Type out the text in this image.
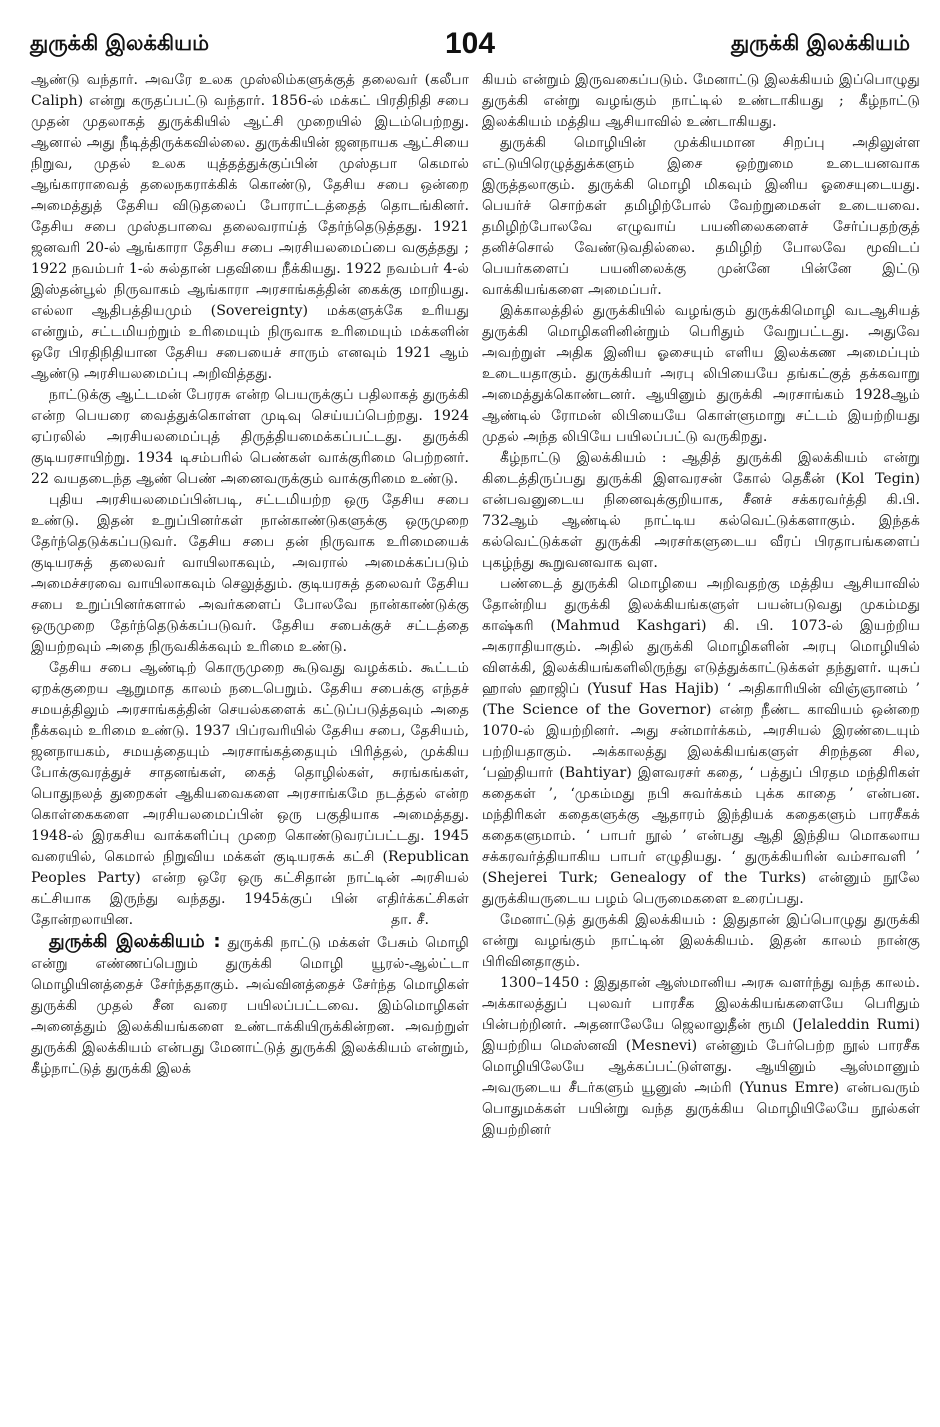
துருக்கி இலக்கியம்	104	துருக்கி இலக்கியம்

ஆண்டு வந்தார். அவரே உலக முஸ்லிம்களுக்குத் தலைவர் (கலீபா Caliph) என்று கருதப்பட்டு வந்தார். 1856-ல் மக்கட் பிரதிநிதி சபை முதன் முதலாகத் துருக்கியில் ஆட்சி முறையில் இடம்பெற்றது. ஆனால் அது நீடித்திருக்கவில்லை. துருக்கியின் ஜனநாயக ஆட்சியை நிறுவ, முதல் உலக யுத்தத்துக்குப்பின் முஸ்தபா கெமால் ஆங்காராவைத் தலைநகராக்கிக் கொண்டு, தேசிய சபை ஒன்றை அமைத்துத் தேசிய விடுதலைப் போராட்டத்தைத் தொடங்கினர். தேசிய சபை முஸ்தபாவை தலைவராய்த் தேர்ந்தெடுத்தது. 1921 ஜனவரி 20-ல் ஆங்காரா தேசிய சபை அரசியலமைப்பை வகுத்தது ; 1922 நவம்பர் 1-ல் சுல்தான் பதவியை நீக்கியது. 1922 நவம்பர் 4-ல் இஸ்தன்பூல் நிருவாகம் ஆங்காரா அரசாங்கத்தின் கைக்கு மாறியது. எல்லா ஆதிபத்தியமும் (Sovereignty) மக்களுக்கே உரியது என்றும், சட்டமியற்றும் உரிமையும் நிருவாக உரிமையும் மக்களின் ஒரே பிரதிநிதியான தேசிய சபையைச் சாரும் எனவும் 1921 ஆம் ஆண்டு அரசியலமைப்பு அறிவித்தது.

நாட்டுக்கு ஆட்டமன் பேரரசு என்ற பெயருக்குப் பதிலாகத் துருக்கி என்ற பெயரை வைத்துக்கொள்ள முடிவு செய்யப்பெற்றது. 1924 ஏப்ரலில் அரசியலமைப்புத் திருத்தியமைக்கப்பட்டது. துருக்கி குடியரசாயிற்று. 1934 டிசம்பரில் பெண்கள் வாக்குரிமை பெற்றனர். 22 வயதடைந்த ஆண் பெண் அனைவருக்கும் வாக்குரிமை உண்டு.

புதிய அரசியலமைப்பின்படி, சட்டமியற்ற ஒரு தேசிய சபை உண்டு. இதன் உறுப்பினர்கள் நான்காண்டுகளுக்கு ஒருமுறை தேர்ந்தெடுக்கப்படுவர். தேசிய சபை தன் நிருவாக உரிமையைக் குடியரசுத் தலைவர் வாயிலாகவும், அவரால் அமைக்கப்படும் அமைச்சரவை வாயிலாகவும் செலுத்தும். குடியரசுத் தலைவர் தேசிய சபை உறுப்பினர்களால் அவர்களைப் போலவே நான்காண்டுக்கு ஒருமுறை தேர்ந்தெடுக்கப்படுவர். தேசிய சபைக்குச் சட்டத்தை இயற்றவும் அதை நிருவகிக்கவும் உரிமை உண்டு.

தேசிய சபை ஆண்டிற் கொருமுறை கூடுவது வழக்கம். கூட்டம் ஏறக்குறைய ஆறுமாத காலம் நடைபெறும். தேசிய சபைக்கு எந்தச் சமயத்திலும் அரசாங்கத்தின் செயல்களைக் கட்டுப்படுத்தவும் அதை நீக்கவும் உரிமை உண்டு. 1937 பிப்ரவரியில் தேசிய சபை, தேசியம், ஜனநாயகம், சமயத்தையும் அரசாங்கத்தையும் பிரித்தல், முக்கிய போக்குவரத்துச் சாதனங்கள், கைத் தொழில்கள், சுரங்கங்கள், பொதுநலத் துறைகள் ஆகியவைகளை அரசாங்கமே நடத்தல் என்ற கொள்கைகளை அரசியலமைப்பின் ஒரு பகுதியாக அமைத்தது. 1948-ல் இரகசிய வாக்களிப்பு முறை கொண்டுவரப்பட்டது. 1945 வரையில், கெமால் நிறுவிய மக்கள் குடியரசுக் கட்சி (Republican Peoples Party) என்ற ஒரே ஒரு கட்சிதான் நாட்டின் அரசியல் கட்சியாக இருந்து வந்தது. 1945க்குப் பின் எதிர்க்கட்சிகள் தோன்றலாயின.	தா. சீ.

துருக்கி இலக்கியம் : துருக்கி நாட்டு மக்கள் பேசும் மொழி என்று எண்ணப்பெறும் துருக்கி மொழி யூரல்-ஆல்ட்டா மொழியினத்தைச் சேர்ந்ததாகும். அவ்வினத்தைச் சேர்ந்த மொழிகள் துருக்கி முதல் சீன வரை பயிலப்பட்டவை. இம்மொழிகள் அனைத்தும் இலக்கியங்களை உண்டாக்கியிருக்கின்றன. அவற்றுள் துருக்கி இலக்கியம் என்பது மேனாட்டுத் துருக்கி இலக்கியம் என்றும், கீழ்நாட்டுத் துருக்கி இலக்

கியம் என்றும் இருவகைப்படும். மேனாட்டு இலக்கியம் இப்பொழுது துருக்கி என்று வழங்கும் நாட்டில் உண்டாகியது ; கீழ்நாட்டு இலக்கியம் மத்திய ஆசியாவில் உண்டாகியது.

துருக்கி மொழியின் முக்கியமான சிறப்பு அதிலுள்ள எட்டுயிரெழுத்துக்களும் இசை ஒற்றுமை உடையனவாக இருத்தலாகும். துருக்கி மொழி மிகவும் இனிய ஓசையுடையது. பெயர்ச் சொற்கள் தமிழிற்போல் வேற்றுமைகள் உடையவை. தமிழிற்போலவே எழுவாய் பயனிலைகளைச் சேர்ப்பதற்குத் தனிச்சொல் வேண்டுவதில்லை. தமிழிற் போலவே மூவிடப் பெயர்களைப் பயனிலைக்கு முன்னே பின்னே இட்டு வாக்கியங்களை அமைப்பர்.

இக்காலத்தில் துருக்கியில் வழங்கும் துருக்கிமொழி வடஆசியத் துருக்கி மொழிகளினின்றும் பெரிதும் வேறுபட்டது. அதுவே அவற்றுள் அதிக இனிய ஓசையும் எளிய இலக்கண அமைப்பும் உடையதாகும். துருக்கியர் அரபு லிபியையே தங்கட்குத் தக்கவாறு அமைத்துக்கொண்டனர். ஆயினும் துருக்கி அரசாங்கம் 1928ஆம் ஆண்டில் ரோமன் லிபியையே கொள்ளுமாறு சட்டம் இயற்றியது முதல் அந்த லிபியே பயிலப்பட்டு வருகிறது.

கீழ்நாட்டு இலக்கியம் : ஆதித் துருக்கி இலக்கியம் என்று கிடைத்திருப்பது துருக்கி இளவரசன் கோல் தெகீன் (Kol Tegin) என்பவனுடைய நினைவுக்குறியாக, சீனச் சக்கரவர்த்தி கி.பி. 732ஆம் ஆண்டில் நாட்டிய கல்வெட்டுக்களாகும். இந்தக் கல்வெட்டுக்கள் துருக்கி அரசர்களுடைய வீரப் பிரதாபங்களைப் புகழ்ந்து கூறுவனவாக வுள.

பண்டைத் துருக்கி மொழியை அறிவதற்கு மத்திய ஆசியாவில் தோன்றிய துருக்கி இலக்கியங்களுள் பயன்படுவது முகம்மது காஷ்கரி (Mahmud Kashgari) கி. பி. 1073-ல் இயற்றிய அகராதியாகும். அதில் துருக்கி மொழிகளின் அரபு மொழியில் விளக்கி, இலக்கியங்களிலிருந்து எடுத்துக்காட்டுக்கள் தந்துளர். யுசுப் ஹாஸ் ஹாஜிப் (Yusuf Has Hajib) ‘ அதிகாரியின் விஞ்ஞானம் ’ (The Science of the Governor) என்ற நீண்ட காவியம் ஒன்றை 1070-ல் இயற்றினர். அது சன்மார்க்கம், அரசியல் இரண்டையும் பற்றியதாகும். அக்காலத்து இலக்கியங்களுள் சிறந்தன சில, ‘பஹ்தியார் (Bahtiyar) இளவரசர் கதை, ‘ பத்துப் பிரதம மந்திரிகள் கதைகள் ’, ‘முகம்மது நபி சுவர்க்கம் புக்க காதை ’ என்பன. மந்திரிகள் கதைகளுக்கு ஆதாரம் இந்தியக் கதைகளும் பாரசீகக் கதைகளுமாம். ‘ பாபர் நூல் ’ என்பது ஆதி இந்திய மொகலாய சக்கரவர்த்தியாகிய பாபர் எழுதியது. ‘ துருக்கியரின் வம்சாவளி ’ (Shejerei Turk; Genealogy of the Turks) என்னும் நூலே துருக்கியருடைய பழம் பெருமைகளை உரைப்பது.

மேனாட்டுத் துருக்கி இலக்கியம் : இதுதான் இப்பொழுது துருக்கி என்று வழங்கும் நாட்டின் இலக்கியம். இதன் காலம் நான்கு பிரிவினதாகும்.

1300–1450 : இதுதான் ஆஸ்மானிய அரசு வளர்ந்து வந்த காலம். அக்காலத்துப் புலவர் பாரசீக இலக்கியங்களையே பெரிதும் பின்பற்றினர். அதனாலேயே ஜெலாலுதீன் ரூமி (Jelaleddin Rumi) இயற்றிய மெஸ்னவி (Mesnevi) என்னும் பேர்பெற்ற நூல் பாரசீக மொழியிலேயே ஆக்கப்பட்டுள்ளது. ஆயினும் ஆஸ்மானும் அவருடைய சீடர்களும் யூனுஸ் அம்ரி (Yunus Emre) என்பவரும் பொதுமக்கள் பயின்று வந்த துருக்கிய மொழியிலேயே நூல்கள் இயற்றினர்
